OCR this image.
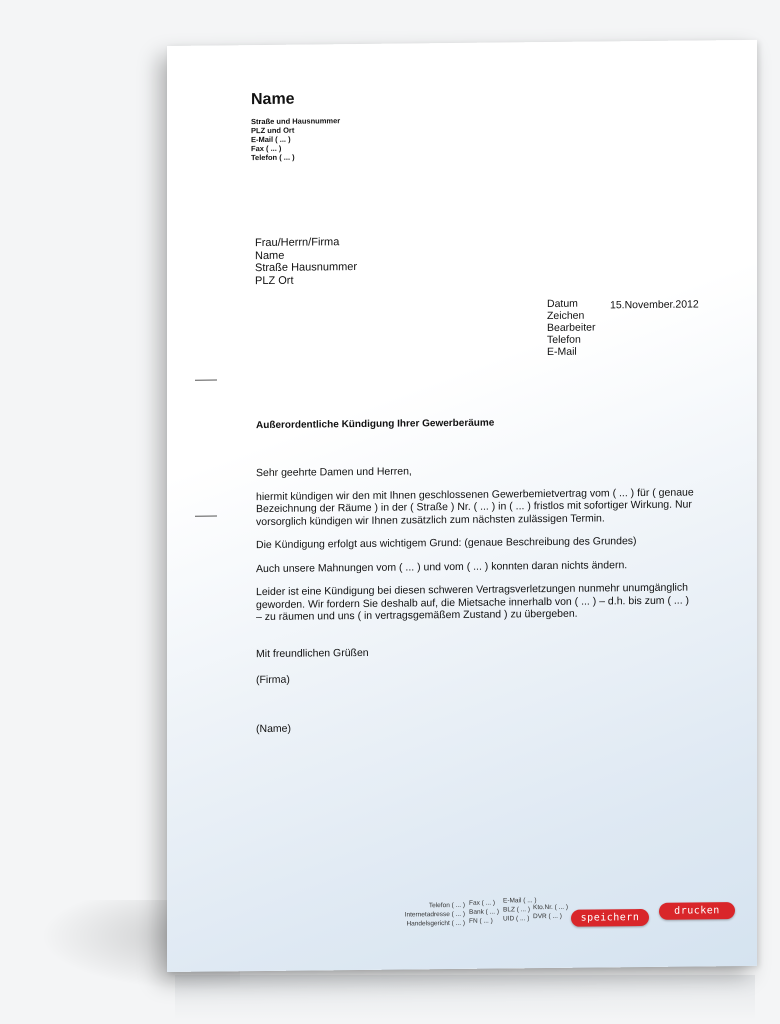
Name
Straße und Hausnummer
PLZ und Ort
E-Mail ( ... )
Fax ( ... )
Telefon ( ... )
Frau/Herrn/Firma
Name
Straße Hausnummer
PLZ Ort
Datum
Zeichen
Bearbeiter
Telefon
E-Mail
15.November.2012
Außerordentliche Kündigung Ihrer Gewerberäume

Sehr geehrte Damen und Herren,

hiermit kündigen wir den mit Ihnen geschlossenen Gewerbemietvertrag vom ( ... ) für ( genaue Bezeichnung der Räume ) in der ( Straße ) Nr. ( ... ) in ( ... ) fristlos mit sofortiger Wirkung. Nur vorsorglich kündigen wir Ihnen zusätzlich zum nächsten zulässigen Termin.

Die Kündigung erfolgt aus wichtigem Grund: (genaue Beschreibung des Grundes)

Auch unsere Mahnungen vom ( ... ) und vom ( ... ) konnten daran nichts ändern.

Leider ist eine Kündigung bei diesen schweren Vertragsverletzungen nunmehr unumgänglich geworden. Wir fordern Sie deshalb auf, die Mietsache innerhalb von ( ... ) – d.h. bis zum ( ... ) – zu räumen und uns ( in vertragsgemäßem Zustand ) zu übergeben.

Mit freundlichen Grüßen
(Firma)
(Name)
Telefon ( ... )
Internetadresse ( ... )
Handelsgericht ( ... )
Fax ( ... )
Bank ( ... )
FN ( ... )
E-Mail ( ... )
BLZ ( ... )
UID ( ... )

Kto.Nr. ( ... )
DVR ( ... )	speichern
drucken
